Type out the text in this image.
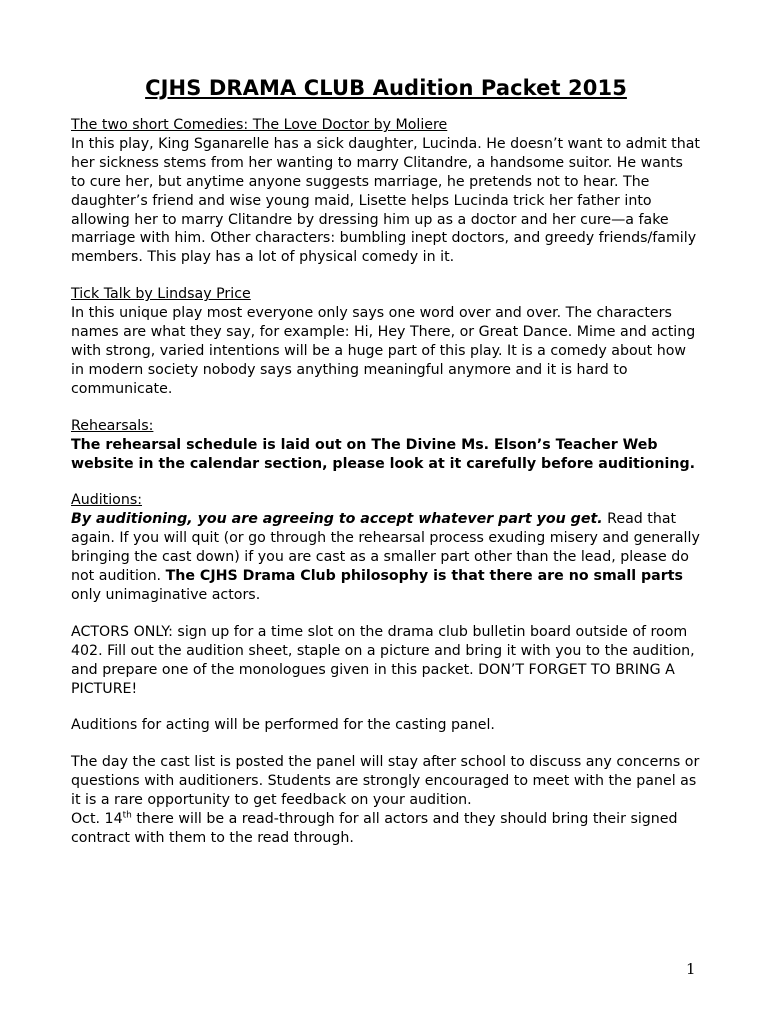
CJHS DRAMA CLUB Audition Packet 2015
The two short Comedies: The Love Doctor by Moliere

In this play, King Sganarelle has a sick daughter, Lucinda. He doesn’t want to admit that her sickness stems from her wanting to marry Clitandre, a handsome suitor. He wants to cure her, but anytime anyone suggests marriage, he pretends not to hear. The daughter’s friend and wise young maid, Lisette helps Lucinda trick her father into allowing her to marry Clitandre by dressing him up as a doctor and her cure—a fake marriage with him. Other characters: bumbling inept doctors, and greedy friends/family members. This play has a lot of physical comedy in it.

Tick Talk by Lindsay Price

In this unique play most everyone only says one word over and over. The characters names are what they say, for example: Hi, Hey There, or Great Dance. Mime and acting with strong, varied intentions will be a huge part of this play. It is a comedy about how in modern society nobody says anything meaningful anymore and it is hard to communicate.

Rehearsals:

The rehearsal schedule is laid out on The Divine Ms. Elson’s Teacher Web website in the calendar section, please look at it carefully before auditioning.

Auditions:

By auditioning, you are agreeing to accept whatever part you get. Read that again. If you will quit (or go through the rehearsal process exuding misery and generally bringing the cast down) if you are cast as a smaller part other than the lead, please do not audition. The CJHS Drama Club philosophy is that there are no small parts only unimaginative actors.

ACTORS ONLY: sign up for a time slot on the drama club bulletin board outside of room 402. Fill out the audition sheet, staple on a picture and bring it with you to the audition, and prepare one of the monologues given in this packet. DON’T FORGET TO BRING A PICTURE!

Auditions for acting will be performed for the casting panel.

The day the cast list is posted the panel will stay after school to discuss any concerns or questions with auditioners. Students are strongly encouraged to meet with the panel as it is a rare opportunity to get feedback on your audition.

Oct. 14th there will be a read-through for all actors and they should bring their signed contract with them to the read through.

1
